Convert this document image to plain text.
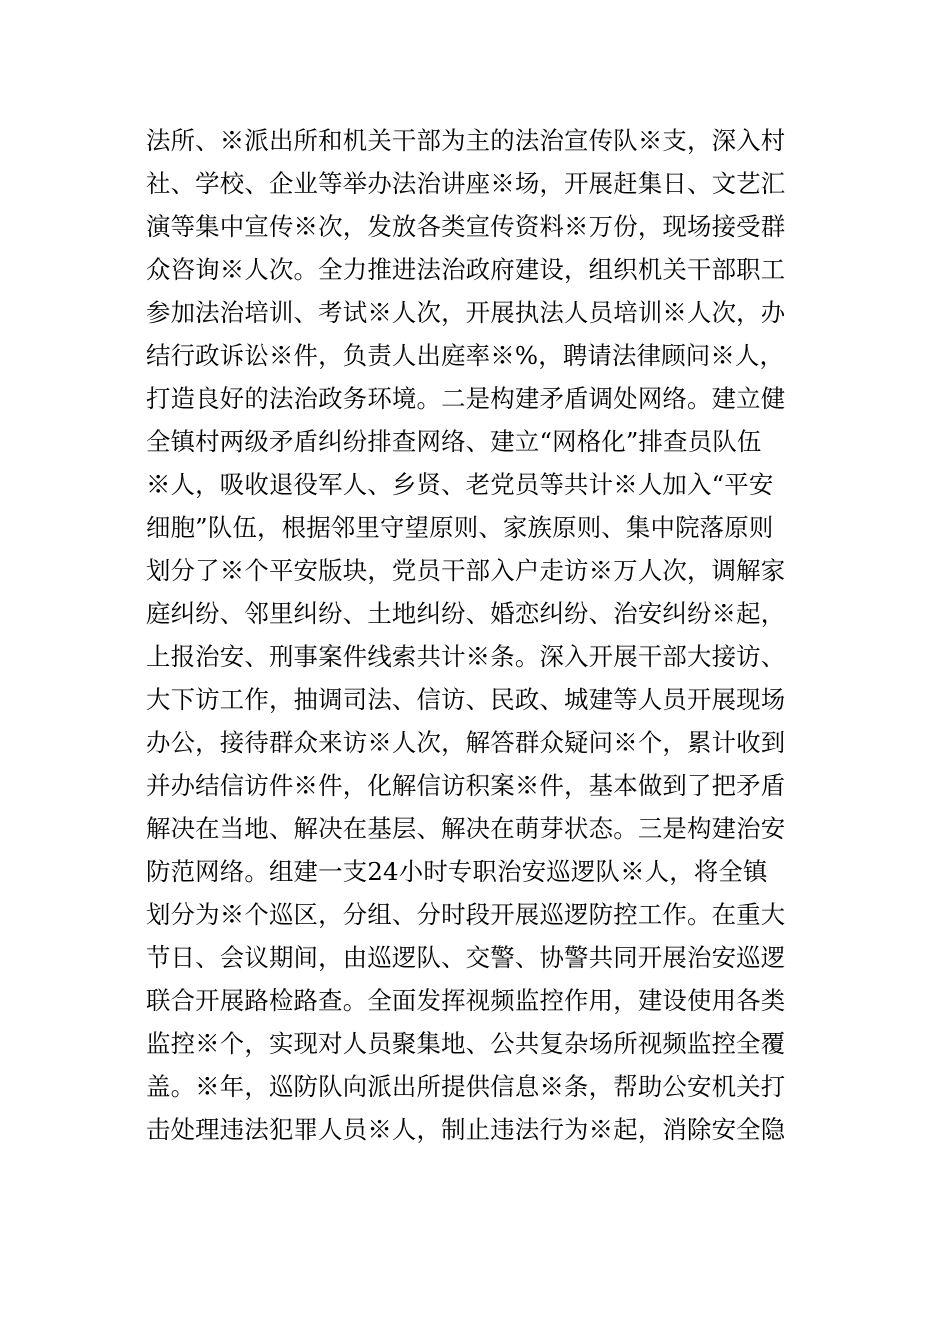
法所、※派出所和机关干部为主的法治宣传队※支，深入村
社、学校、企业等举办法治讲座※场，开展赶集日、文艺汇
演等集中宣传※次，发放各类宣传资料※万份，现场接受群
众咨询※人次。全力推进法治政府建设，组织机关干部职工
参加法治培训、考试※人次，开展执法人员培训※人次，办
结行政诉讼※件，负责人出庭率※%，聘请法律顾问※人，
打造良好的法治政务环境。二是构建矛盾调处网络。建立健
全镇村两级矛盾纠纷排查网络、建立“网格化”排查员队伍
※人，吸收退役军人、乡贤、老党员等共计※人加入“平安
细胞”队伍，根据邻里守望原则、家族原则、集中院落原则
划分了※个平安版块，党员干部入户走访※万人次，调解家
庭纠纷、邻里纠纷、土地纠纷、婚恋纠纷、治安纠纷※起，
上报治安、刑事案件线索共计※条。深入开展干部大接访、
大下访工作，抽调司法、信访、民政、城建等人员开展现场
办公，接待群众来访※人次，解答群众疑问※个，累计收到
并办结信访件※件，化解信访积案※件，基本做到了把矛盾
解决在当地、解决在基层、解决在萌芽状态。三是构建治安
防范网络。组建一支24小时专职治安巡逻队※人，将全镇
划分为※个巡区，分组、分时段开展巡逻防控工作。在重大
节日、会议期间，由巡逻队、交警、协警共同开展治安巡逻
联合开展路检路查。全面发挥视频监控作用，建设使用各类
监控※个，实现对人员聚集地、公共复杂场所视频监控全覆
盖。※年，巡防队向派出所提供信息※条，帮助公安机关打
击处理违法犯罪人员※人，制止违法行为※起，消除安全隐
